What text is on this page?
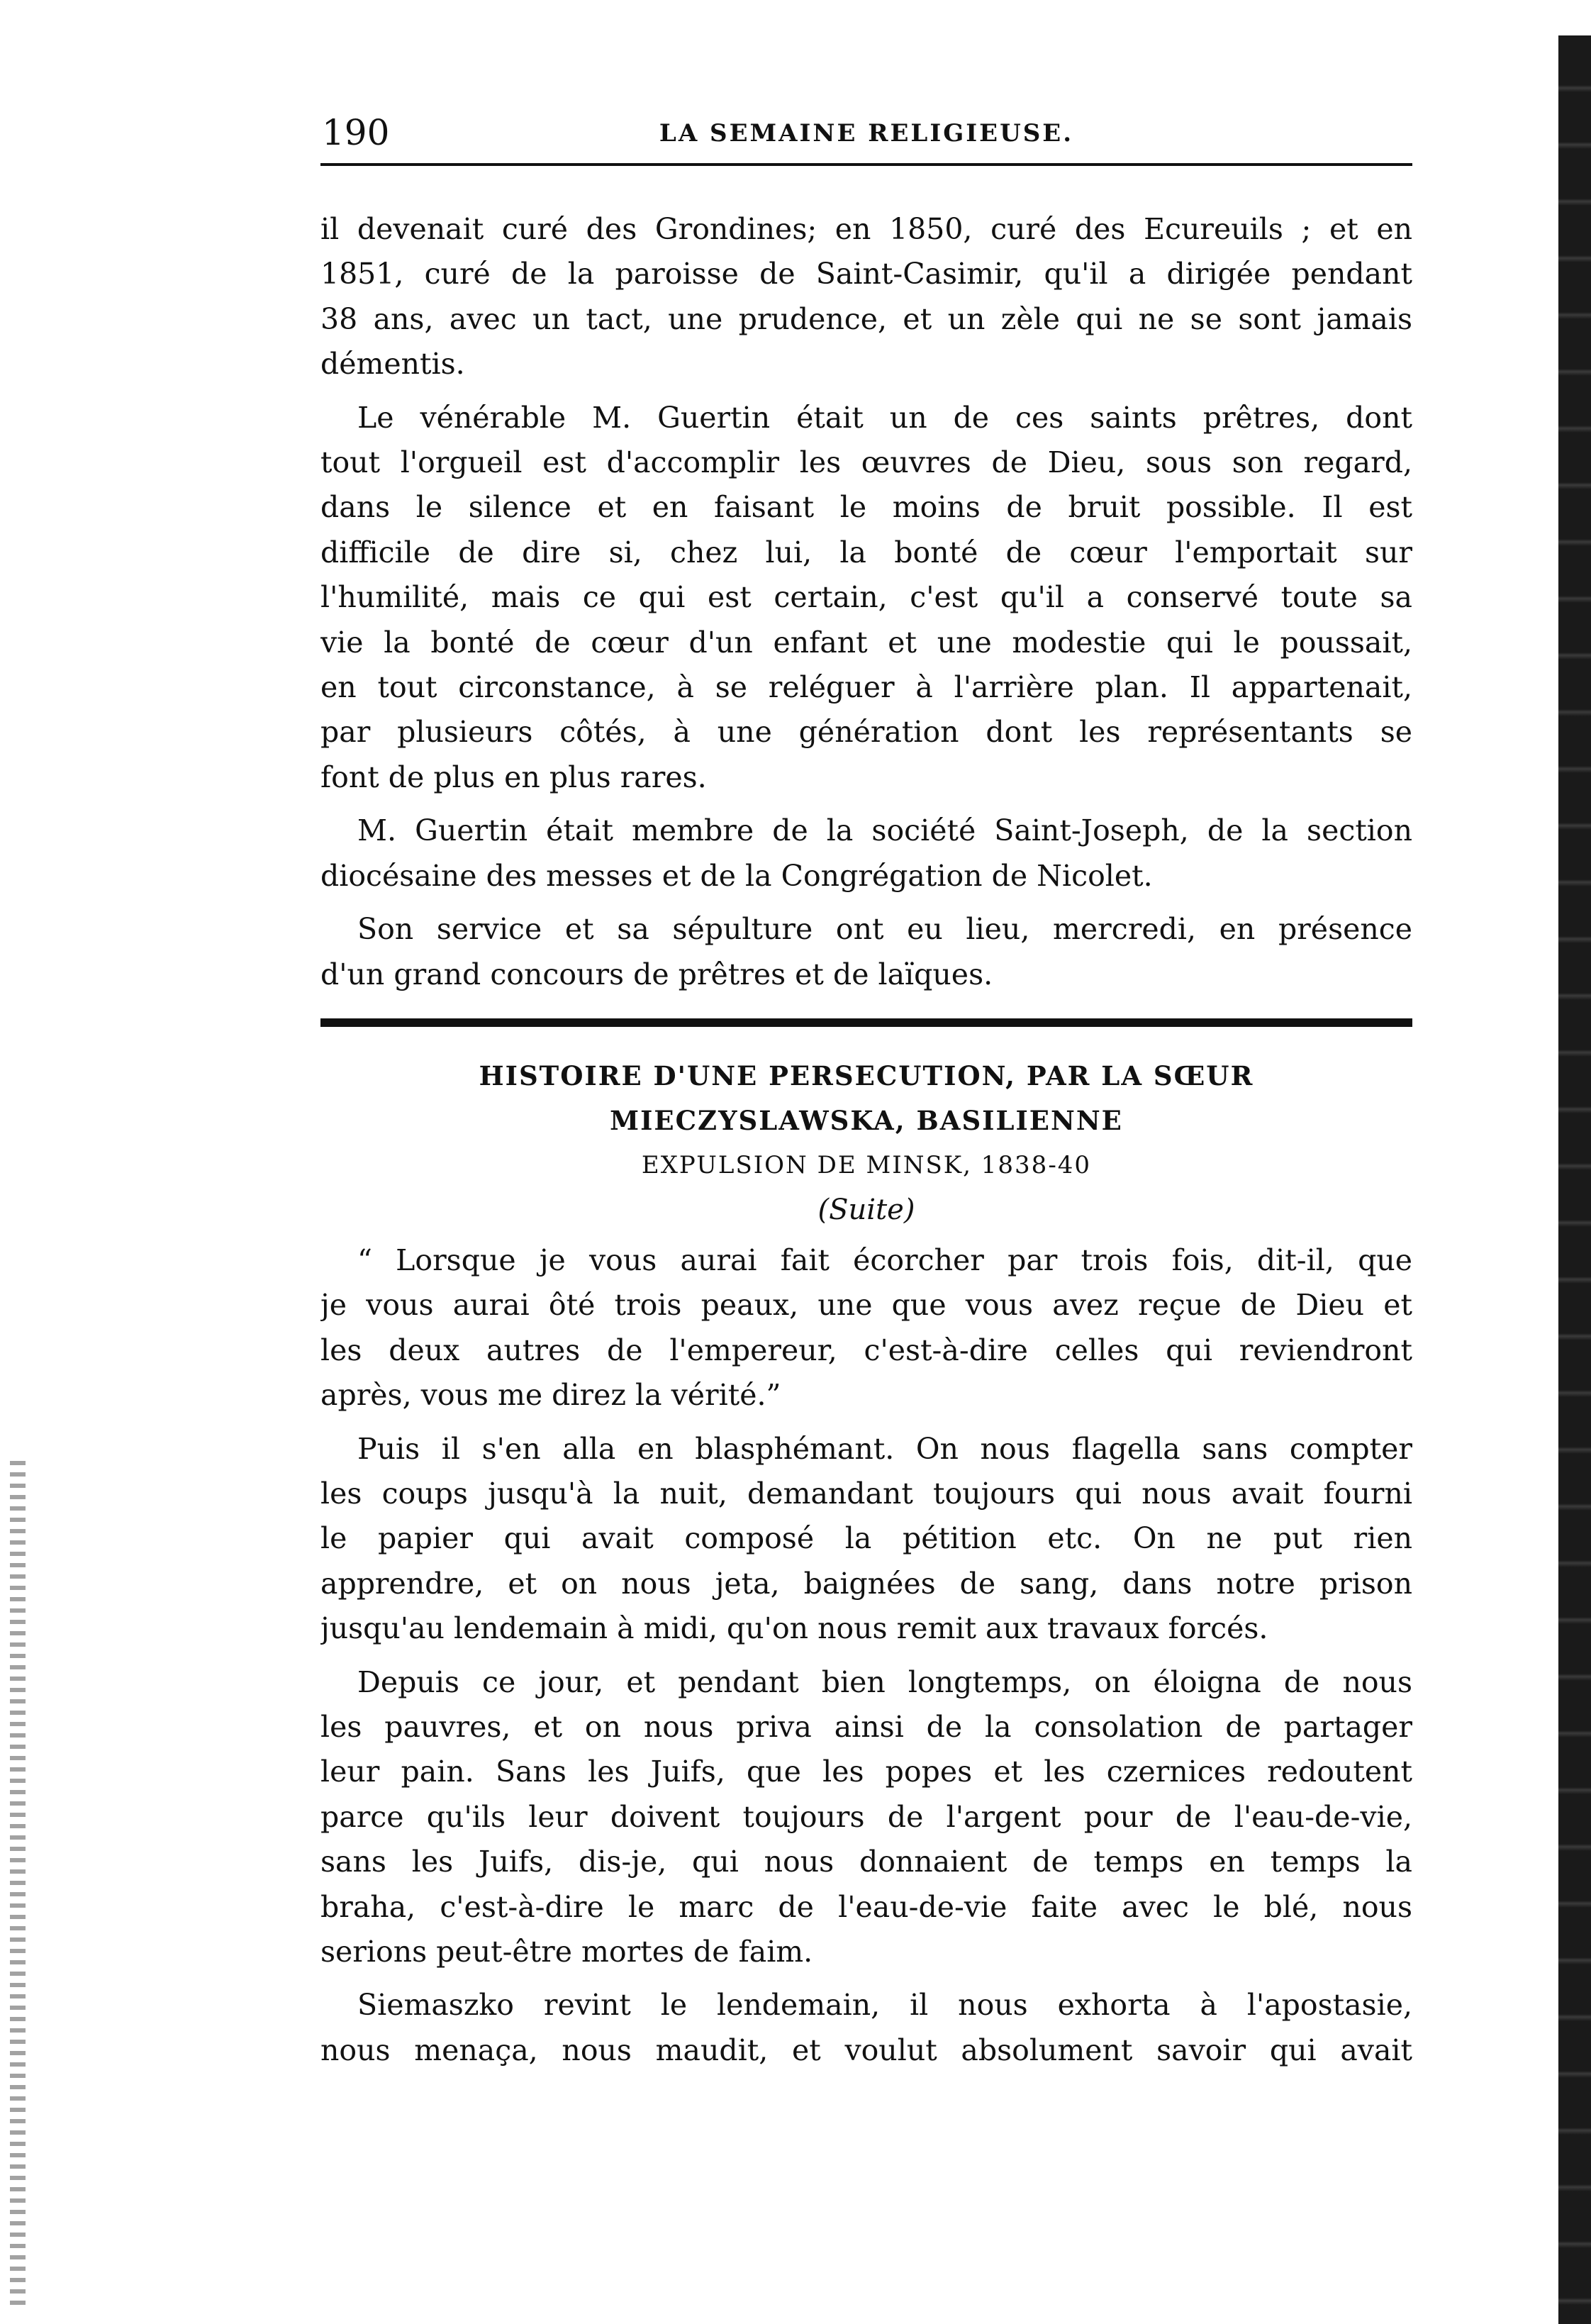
190	LA SEMAINE RELIGIEUSE.

il devenait curé des Grondines; en 1850, curé des Ecureuils ; et en
1851, curé de la paroisse de Saint-Casimir, qu'il a dirigée pendant
38 ans, avec un tact, une prudence, et un zèle qui ne se sont jamais
démentis.

Le vénérable M. Guertin était un de ces saints prêtres, dont
tout l'orgueil est d'accomplir les œuvres de Dieu, sous son regard,
dans le silence et en faisant le moins de bruit possible. Il est
difficile de dire si, chez lui, la bonté de cœur l'emportait sur
l'humilité, mais ce qui est certain, c'est qu'il a conservé toute sa
vie la bonté de cœur d'un enfant et une modestie qui le poussait,
en tout circonstance, à se reléguer à l'arrière plan. Il appartenait,
par plusieurs côtés, à une génération dont les représentants se
font de plus en plus rares.

M. Guertin était membre de la société Saint-Joseph, de la section
diocésaine des messes et de la Congrégation de Nicolet.

Son service et sa sépulture ont eu lieu, mercredi, en présence
d'un grand concours de prêtres et de laïques.

HISTOIRE D'UNE PERSECUTION, PAR LA SŒUR
MIECZYSLAWSKA, BASILIENNE
EXPULSION DE MINSK, 1838-40
(Suite)

“ Lorsque je vous aurai fait écorcher par trois fois, dit-il, que
je vous aurai ôté trois peaux, une que vous avez reçue de Dieu et
les deux autres de l'empereur, c'est-à-dire celles qui reviendront
après, vous me direz la vérité.”

Puis il s'en alla en blasphémant. On nous flagella sans compter
les coups jusqu'à la nuit, demandant toujours qui nous avait fourni
le papier qui avait composé la pétition etc. On ne put rien
apprendre, et on nous jeta, baignées de sang, dans notre prison
jusqu'au lendemain à midi, qu'on nous remit aux travaux forcés.

Depuis ce jour, et pendant bien longtemps, on éloigna de nous
les pauvres, et on nous priva ainsi de la consolation de partager
leur pain. Sans les Juifs, que les popes et les czernices redoutent
parce qu'ils leur doivent toujours de l'argent pour de l'eau-de-vie,
sans les Juifs, dis-je, qui nous donnaient de temps en temps la
braha, c'est-à-dire le marc de l'eau-de-vie faite avec le blé, nous
serions peut-être mortes de faim.

Siemaszko revint le lendemain, il nous exhorta à l'apostasie,
nous menaça, nous maudit, et voulut absolument savoir qui avait
